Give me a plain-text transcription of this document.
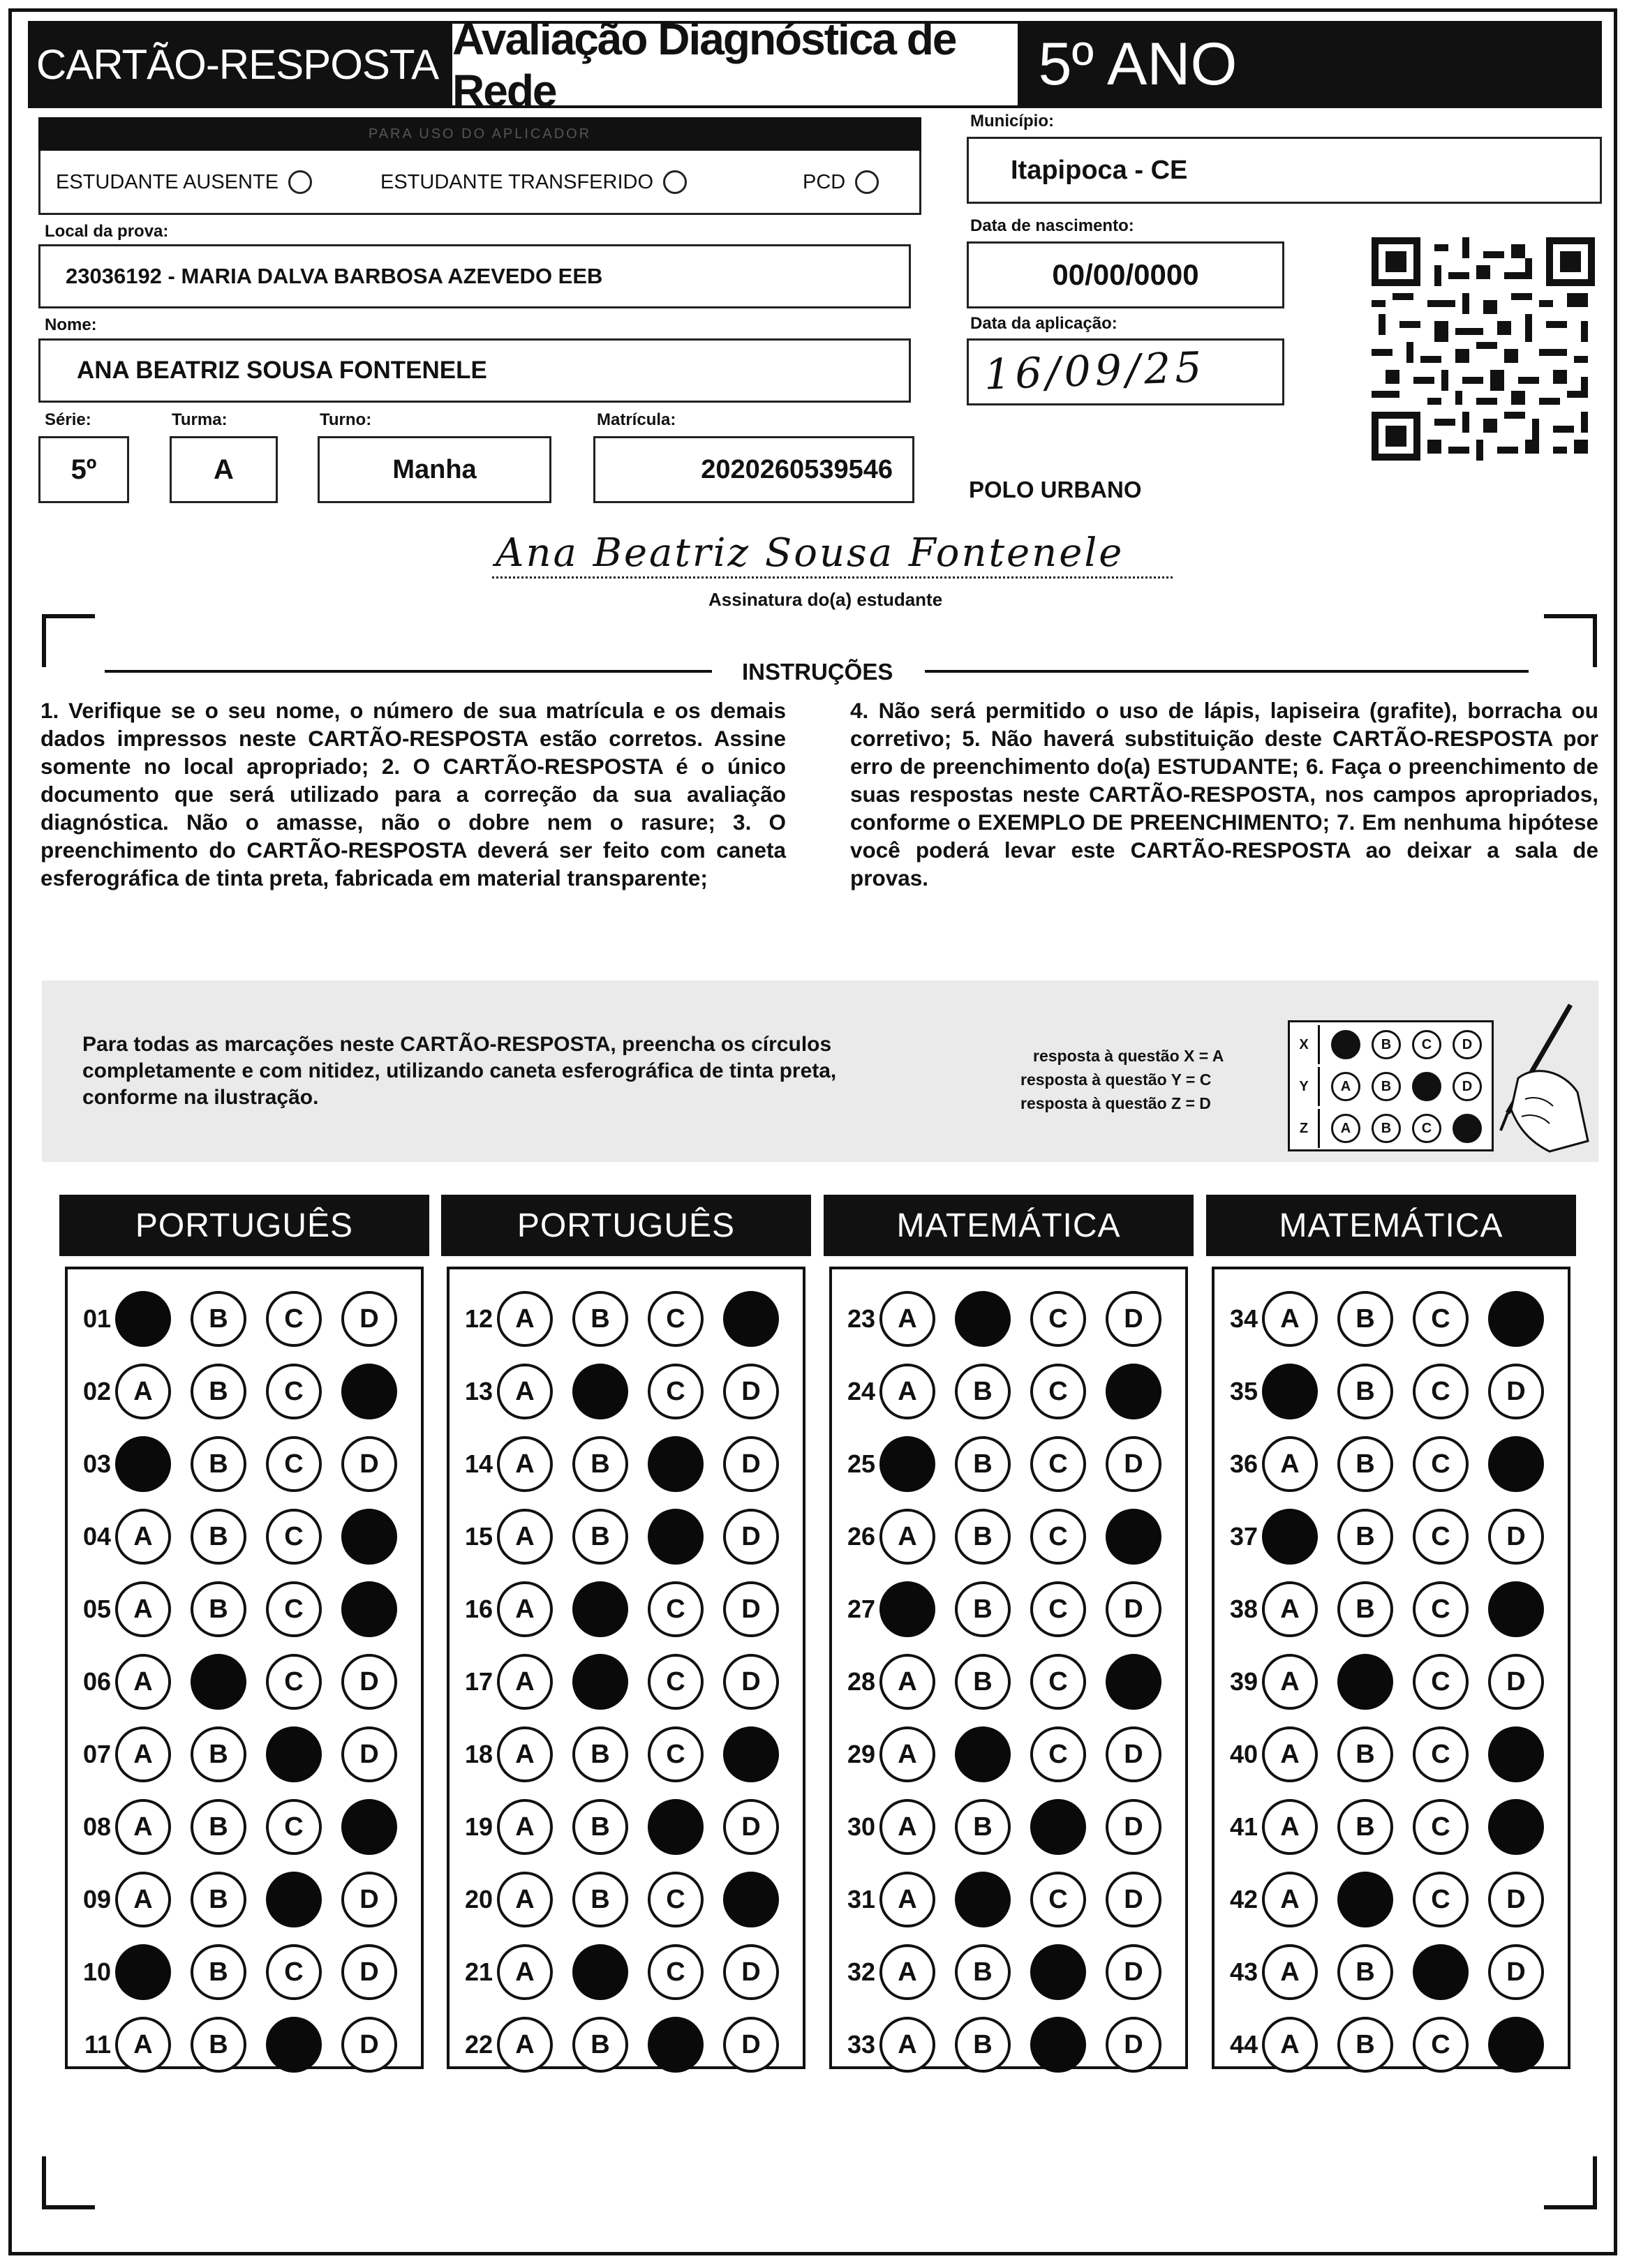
CARTÃO-RESPOSTA
Avaliação Diagnóstica de Rede	5º ANO
PARA USO DO APLICADOR
ESTUDANTE AUSENTE	ESTUDANTE TRANSFERIDO	PCD
Município:
Itapipoca - CE
Local da prova:
23036192 - MARIA DALVA BARBOSA AZEVEDO EEB
Data de nascimento:
00/00/0000
Nome:
ANA BEATRIZ SOUSA FONTENELE
Data da aplicação:
16/09/25
Série:
5º
Turma:
A
Turno:
Manha
Matrícula:
2020260539546
POLO URBANO
Ana Beatriz Sousa Fontenele
Assinatura do(a) estudante
INSTRUÇÕES
1. Verifique se o seu nome, o número de sua matrícula e os demais dados impressos neste CARTÃO-RESPOSTA estão corretos. Assine somente no local apropriado; 2. O CARTÃO-RESPOSTA é o único documento que será utilizado para a correção da sua avaliação diagnóstica. Não o amasse, não o dobre nem o rasure; 3. O preenchimento do CARTÃO-RESPOSTA deverá ser feito com caneta esferográfica de tinta preta, fabricada em material transparente;
4. Não será permitido o uso de lápis, lapiseira (grafite), borracha ou corretivo; 5. Não haverá substituição deste CARTÃO-RESPOSTA por erro de preenchimento do(a) ESTUDANTE; 6. Faça o preenchimento de suas respostas neste CARTÃO-RESPOSTA, nos campos apropriados, conforme o EXEMPLO DE PREENCHIMENTO; 7. Em nenhuma hipótese você poderá levar este CARTÃO-RESPOSTA ao deixar a sala de provas.
Para todas as marcações neste CARTÃO-RESPOSTA, preencha os círculos completamente e com nitidez, utilizando caneta esferográfica de tinta preta, conforme na ilustração.
resposta à questão X = A
resposta à questão Y = C
resposta à questão Z = D
X	A	B	C	D
Y	A	B	C	D
Z	A	B	C	D
PORTUGUÊS
01 A	B	C	D
02 A	B	C	D
03 A	B	C	D
04 A	B	C	D
05 A	B	C	D
06 A	B	C	D
07 A	B	C	D
08 A	B	C	D
09 A	B	C	D
10 A	B	C	D
11 A	B	C	D
PORTUGUÊS
12 A	B	C	D
13 A	B	C	D
14 A	B	C	D
15 A	B	C	D
16 A	B	C	D
17 A	B	C	D
18 A	B	C	D
19 A	B	C	D
20 A	B	C	D
21 A	B	C	D
22 A	B	C	D
MATEMÁTICA
23 A	B	C	D
24 A	B	C	D
25 A	B	C	D
26 A	B	C	D
27 A	B	C	D
28 A	B	C	D
29 A	B	C	D
30 A	B	C	D
31 A	B	C	D
32 A	B	C	D
33 A	B	C	D
MATEMÁTICA
34 A	B	C	D
35 A	B	C	D
36 A	B	C	D
37 A	B	C	D
38 A	B	C	D
39 A	B	C	D
40 A	B	C	D
41 A	B	C	D
42 A	B	C	D
43 A	B	C	D
44 A	B	C	D
